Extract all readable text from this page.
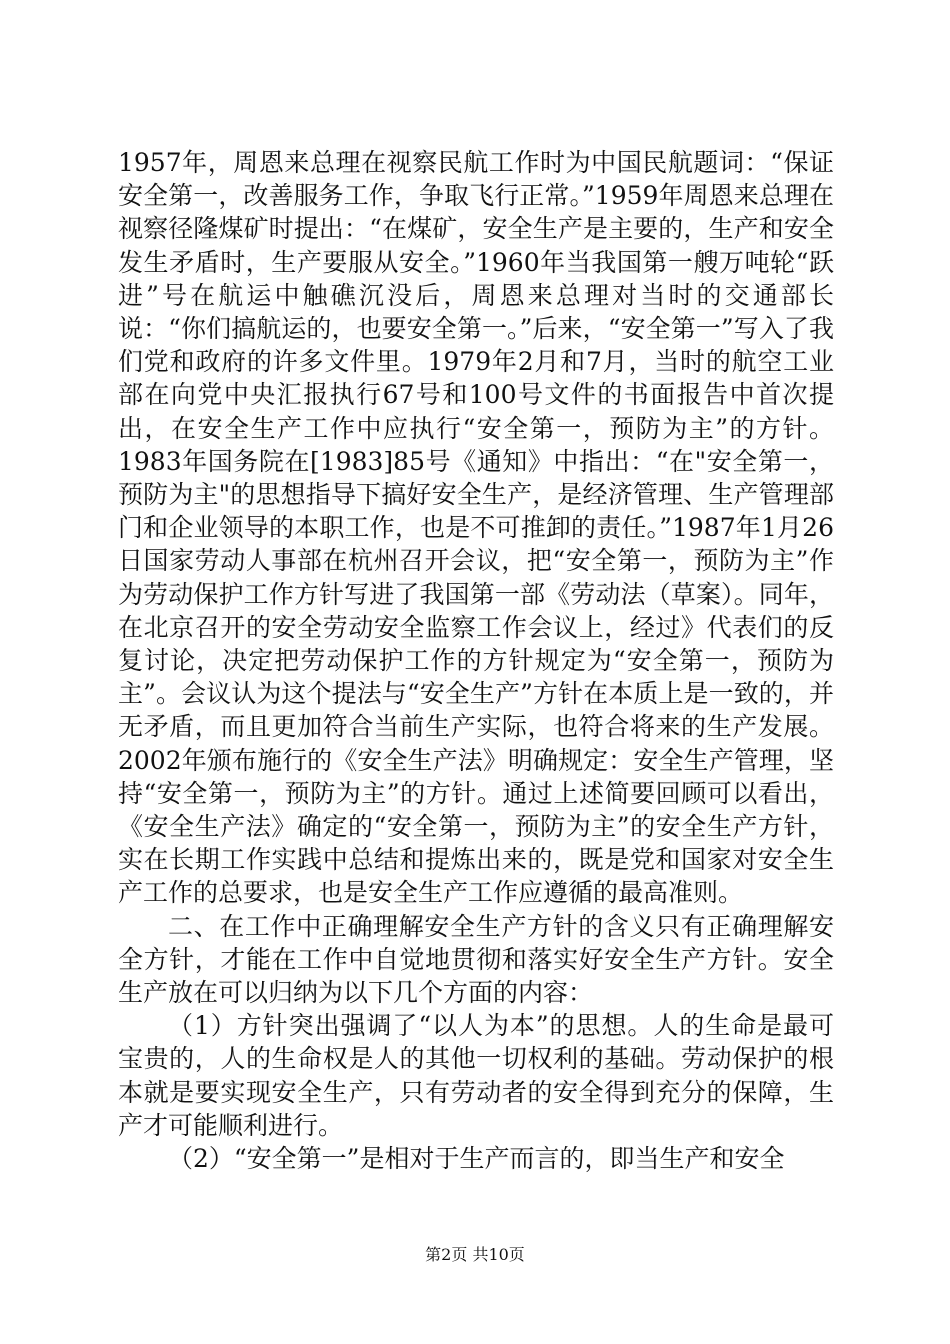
1957年，周恩来总理在视察民航工作时为中国民航题词：“保证安全第一，改善服务工作，争取飞行正常。”1959年周恩来总理在视察径隆煤矿时提出：“在煤矿，安全生产是主要的，生产和安全发生矛盾时，生产要服从安全。”1960年当我国第一艘万吨轮“跃进”号在航运中触礁沉没后，周恩来总理对当时的交通部长说：“你们搞航运的，也要安全第一。”后来，“安全第一”写入了我们党和政府的许多文件里。1979年2月和7月，当时的航空工业部在向党中央汇报执行67号和100号文件的书面报告中首次提出，在安全生产工作中应执行“安全第一，预防为主”的方针。1983年国务院在[1983]85号《通知》中指出：“在"安全第一，预防为主"的思想指导下搞好安全生产，是经济管理、生产管理部门和企业领导的本职工作，也是不可推卸的责任。”1987年1月26日国家劳动人事部在杭州召开会议，把“安全第一，预防为主”作为劳动保护工作方针写进了我国第一部《劳动法（草案）。同年，在北京召开的安全劳动安全监察工作会议上，经过》代表们的反复讨论，决定把劳动保护工作的方针规定为“安全第一，预防为主”。会议认为这个提法与“安全生产”方针在本质上是一致的，并无矛盾，而且更加符合当前生产实际，也符合将来的生产发展。2002年颁布施行的《安全生产法》明确规定：安全生产管理，坚持“安全第一，预防为主”的方针。通过上述简要回顾可以看出，《安全生产法》确定的“安全第一，预防为主”的安全生产方针，实在长期工作实践中总结和提炼出来的，既是党和国家对安全生产工作的总要求，也是安全生产工作应遵循的最高准则。

二、在工作中正确理解安全生产方针的含义只有正确理解安全方针，才能在工作中自觉地贯彻和落实好安全生产方针。安全生产放在可以归纳为以下几个方面的内容：

（1）方针突出强调了“以人为本”的思想。人的生命是最可宝贵的，人的生命权是人的其他一切权利的基础。劳动保护的根本就是要实现安全生产，只有劳动者的安全得到充分的保障，生产才可能顺利进行。

（2）“安全第一”是相对于生产而言的，即当生产和安全

第2页 共10页
